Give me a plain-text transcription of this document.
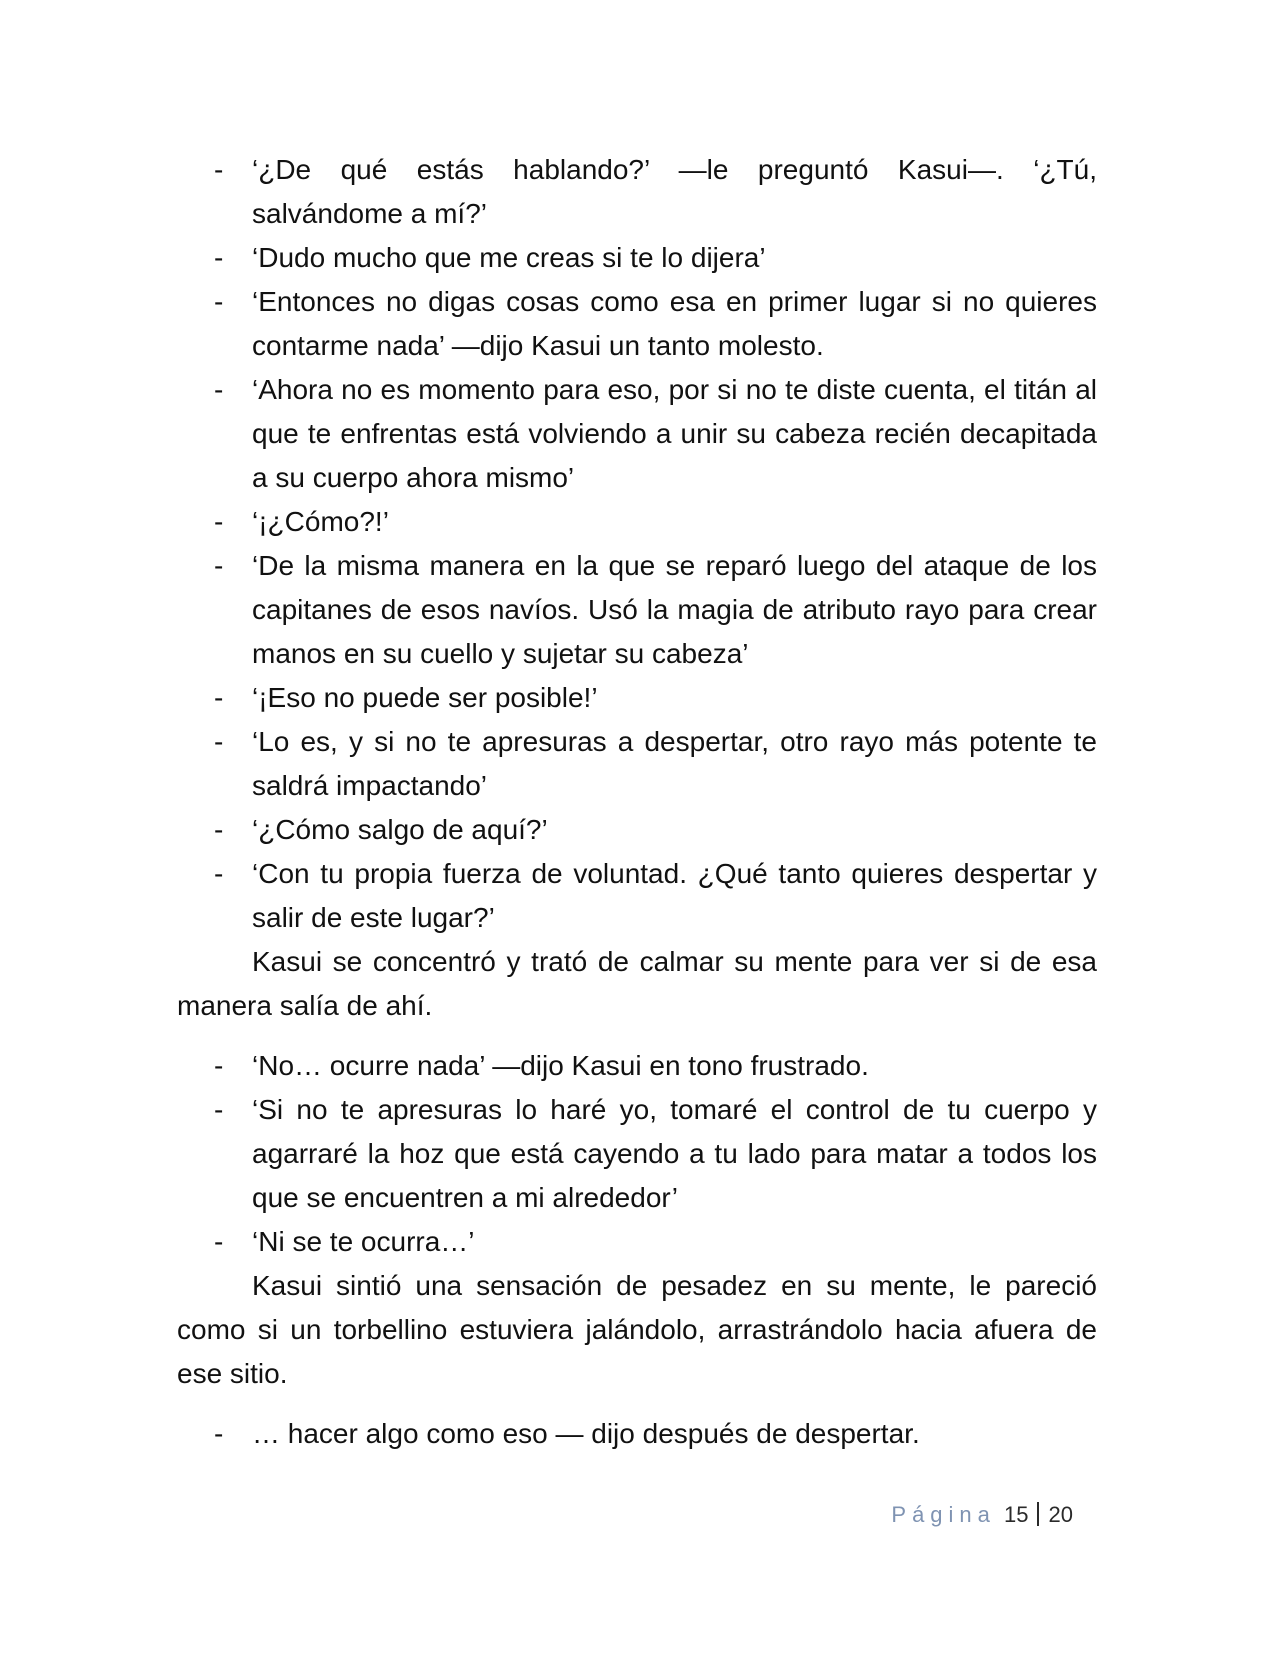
- ‘¿De qué estás hablando?’ —le preguntó Kasui—. ‘¿Tú, salvándome a mí?’
- ‘Dudo mucho que me creas si te lo dijera’
- ‘Entonces no digas cosas como esa en primer lugar si no quieres contarme nada’ —dijo Kasui un tanto molesto.
- ‘Ahora no es momento para eso, por si no te diste cuenta, el titán al que te enfrentas está volviendo a unir su cabeza recién decapitada a su cuerpo ahora mismo’
- ‘¡¿Cómo?!’
- ‘De la misma manera en la que se reparó luego del ataque de los capitanes de esos navíos. Usó la magia de atributo rayo para crear manos en su cuello y sujetar su cabeza’
- ‘¡Eso no puede ser posible!’
- ‘Lo es, y si no te apresuras a despertar, otro rayo más potente te saldrá impactando’
- ‘¿Cómo salgo de aquí?’
- ‘Con tu propia fuerza de voluntad. ¿Qué tanto quieres despertar y salir de este lugar?’

Kasui se concentró y trató de calmar su mente para ver si de esa manera salía de ahí.

- ‘No… ocurre nada’ —dijo Kasui en tono frustrado.
- ‘Si no te apresuras lo haré yo, tomaré el control de tu cuerpo y agarraré la hoz que está cayendo a tu lado para matar a todos los que se encuentren a mi alrededor’
- ‘Ni se te ocurra…’

Kasui sintió una sensación de pesadez en su mente, le pareció como si un torbellino estuviera jalándolo, arrastrándolo hacia afuera de ese sitio.

- … hacer algo como eso — dijo después de despertar.
Página 15 20
